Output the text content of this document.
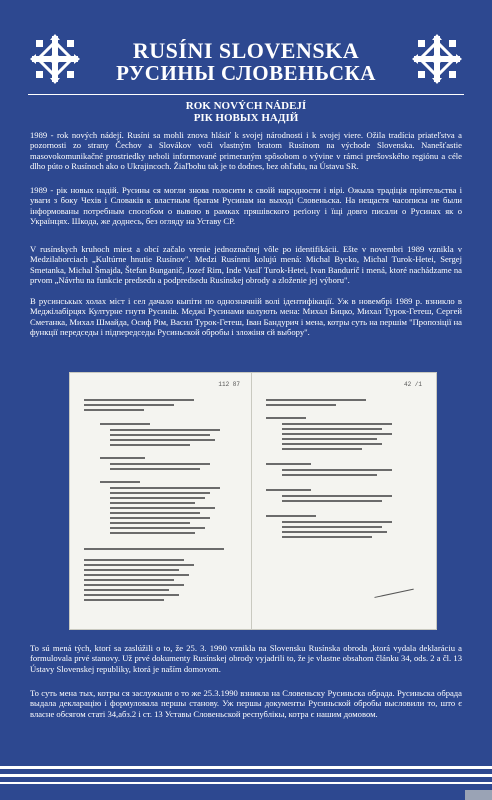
RUSÍNI SLOVENSKA
РУСИНЫ СЛОВЕНЬСКА
ROK NOVÝCH NÁDEJÍ
РІК НОВЫХ НАДІЙ
1989 - rok nových nádejí. Rusíni sa mohli znova hlásiť k svojej národnosti i k svojej viere. Ožila tradícia priateľstva a pozornosti zo strany Čechov a Slovákov voči vlastným bratom Rusínom na východe Slovenska. Nanešťastie masovokomunikačné prostriedky neboli informované primeraným spôsobom o vývine v rámci prešovského regiónu a céle dlho púto o Rusínoch ako o Ukrajincoch. Žiaľbohu tak je to dodnes, bez ohľadu, na Ústavu SR.
1989 - рік новых надій. Русины ся могли знова голосити к своїй народности і вірі. Ожыла традіція пріятельства і уваги з боку Чехів і Словаків к властным братам Русинам на выході Словеньска. На нещастя часописы не были інформованы потребным способом о вывою в рамках пряшівского реґіону і їщі довго писали о Русинах як о Українцях. Шкода, же доднесь, без огляду на Уставу СР.
V rusínskych kruhoch miest a obcí začalo vrenie jednoznačnej vôle po identifikácii. Ešte v novembri 1989 vznikla v Medzilaborciach „Kultúrne hnutie Rusínov". Medzi Rusínmi kolujú mená: Michal Bycko, Michal Turok-Hetei, Sergej Smetanka, Michal Šmajda, Štefan Bunganič, Jozef Rim, Inde Vasiľ Turok-Hetei, Ivan Bandurič i mená, ktoré nachádzame na prvom „Návrhu na funkcie predsedu a podpredsedu Rusínskej obrody a zloženie jej výboru".
В русинськых холах міст і сел дачало кыпіти по однозначній волі ідентифікації. Уж в новембрі 1989 р. взникло в Меджілабірцях Културне гнутя Русинів. Меджі Русинами колують мена: Михал Бицко, Михал Турок-Гетеш, Сергей Сметанка, Михал Шмайда, Осиф Рім, Васил Турок-Гетеш, Іван Бандурич і мена, котры суть на першім "Пропозіції на функції передседы і підпередседы Русиньской обробы і зложіня єй выбору".
112 87	42 /1
To sú mená tých, ktorí sa zaslúžili o to, že 25. 3. 1990 vznikla na Slovensku Rusínska obroda ,ktorá vydala deklaráciu a formulovala prvé stanovy. Už prvé dokumenty Rusínskej obrody vyjadrili to, že je vlastne obsahom článku 34, ods. 2 a čl. 13 Ústavy Slovenskej republiky, ktorá je naším domovom.
То суть мена тых, котры ся заслужыли о то же 25.3.1990 взникла на Словеньску Русиньска обрада. Русиньска обрада выдала декларацію і формуловала першы станову. Уж першы документы Русиньской обробы высловили то, што є власне обсягом статі 34,абз.2 і ст. 13 Уставы Словеньской республікы, котра є нашим домовом.
